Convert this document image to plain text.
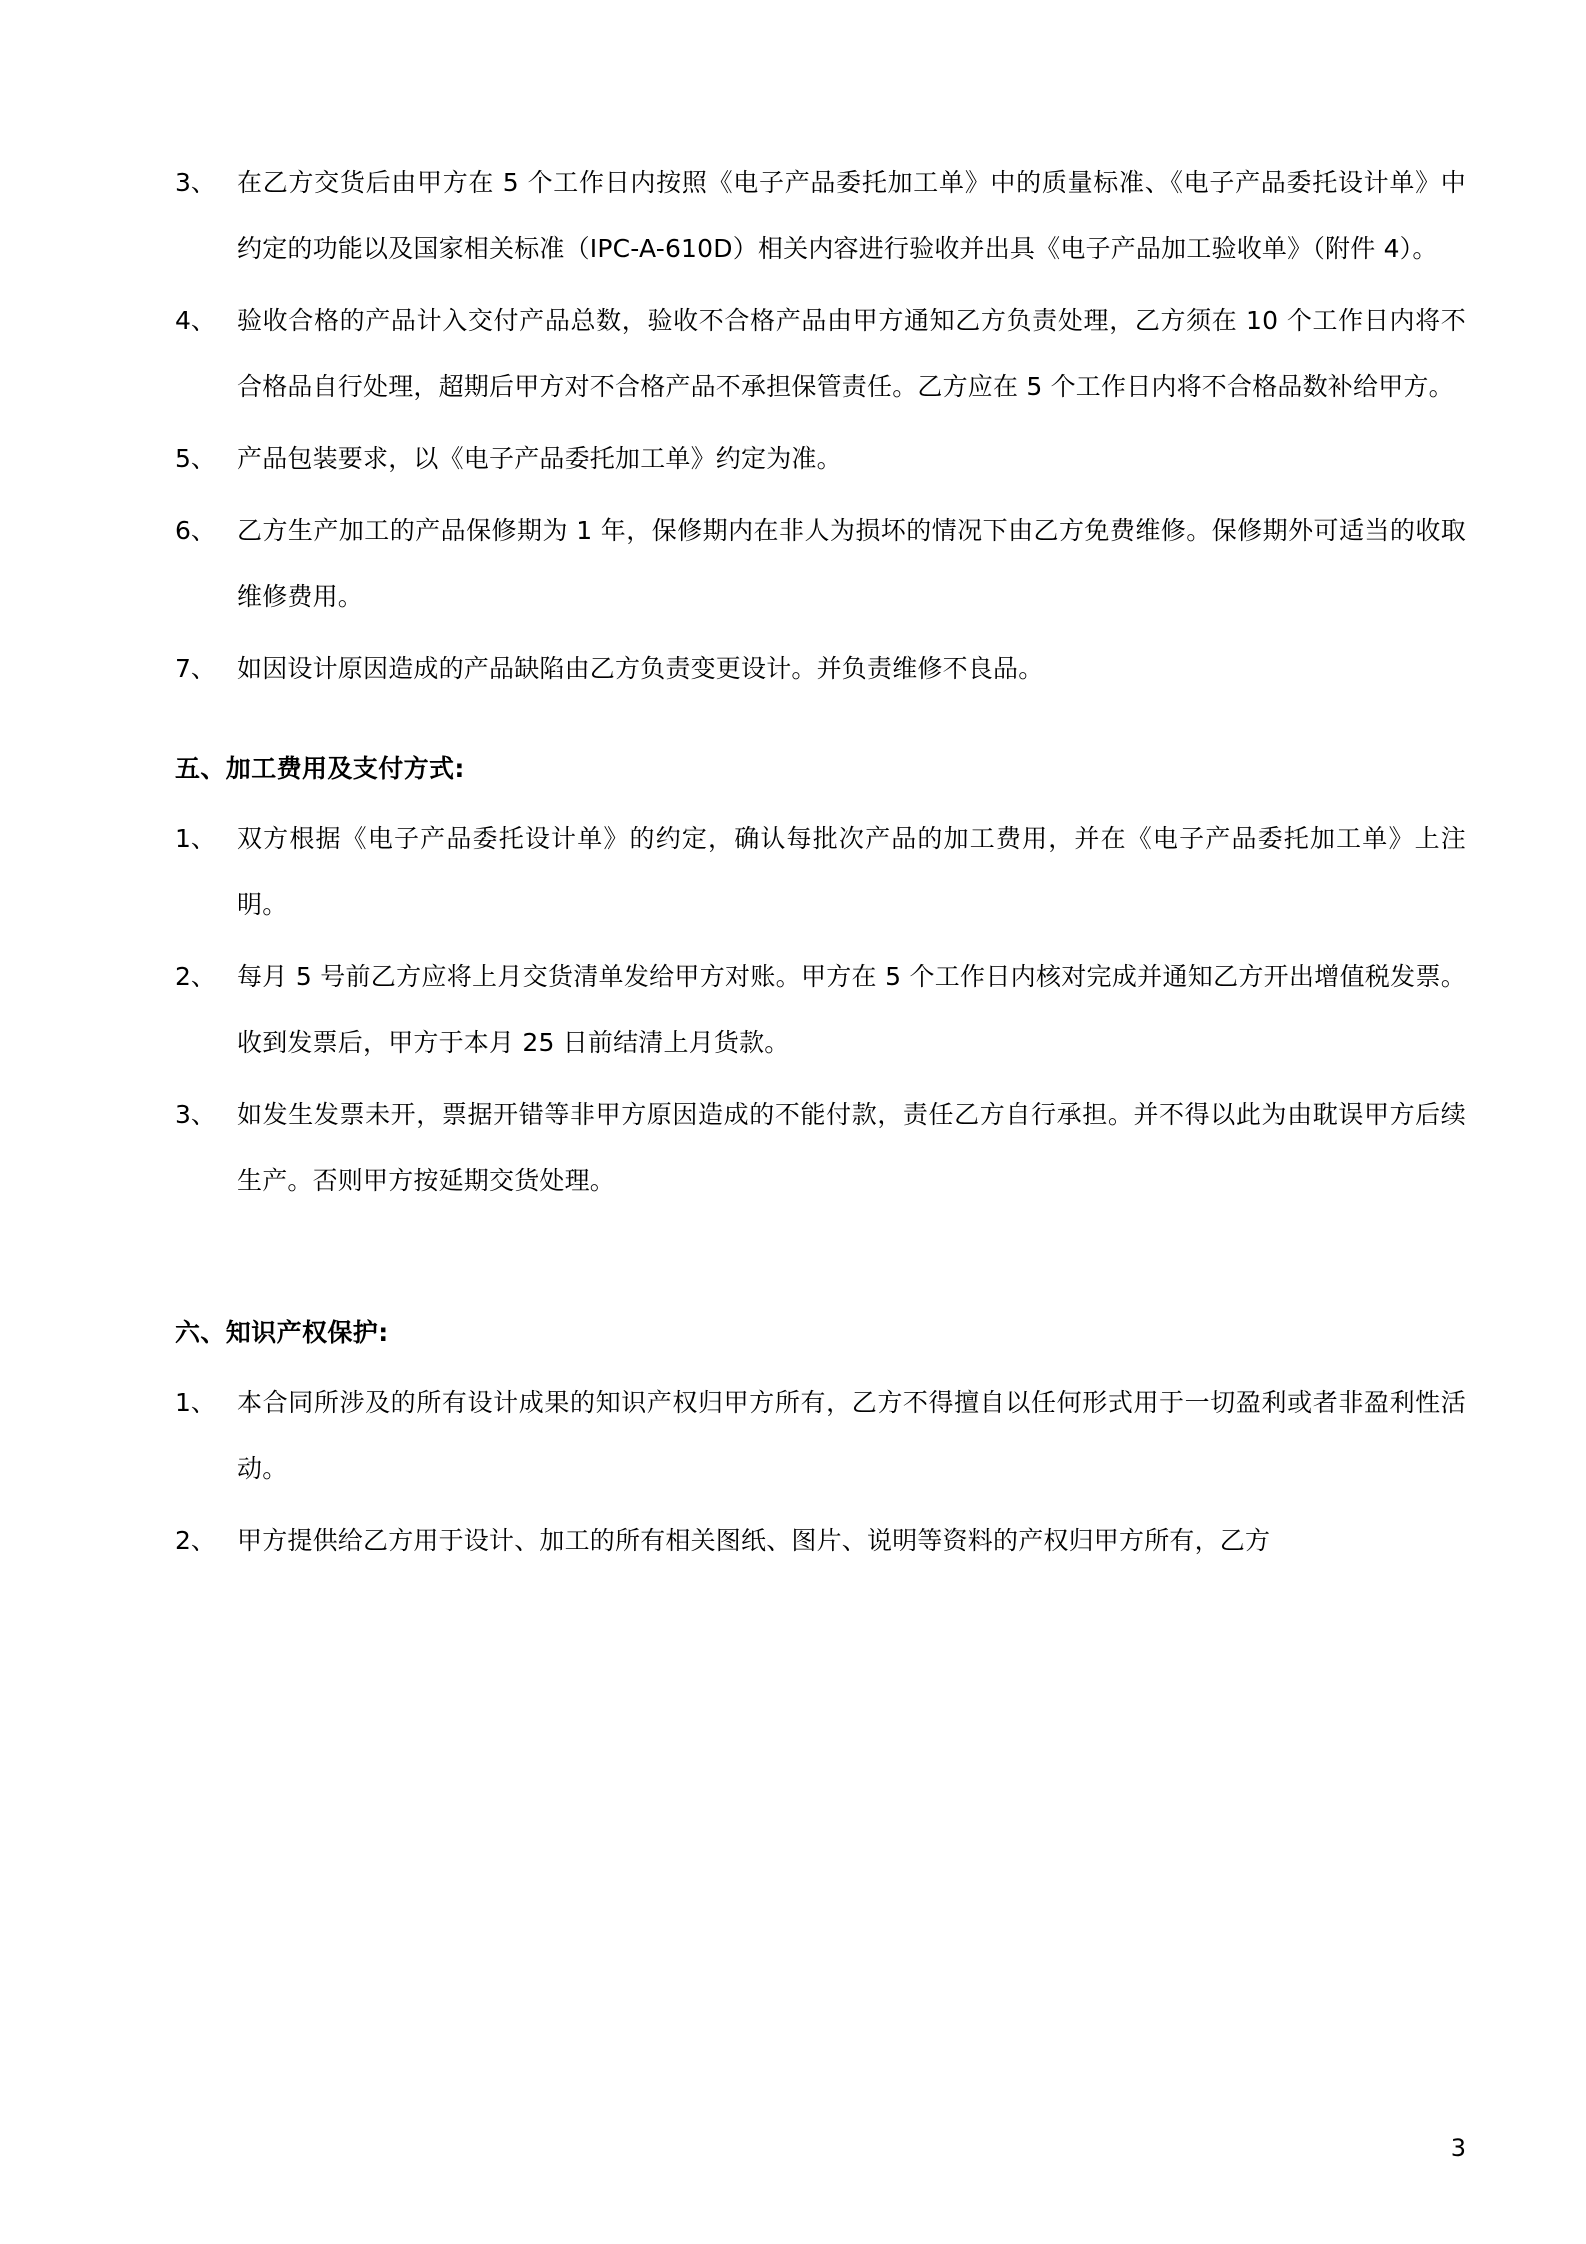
3、 在乙方交货后由甲方在 5 个工作日内按照《电子产品委托加工单》中的质量标准、《电子产品委托设计单》中约定的功能以及国家相关标准（IPC-A-610D）相关内容进行验收并出具《电子产品加工验收单》（附件 4）。
4、 验收合格的产品计入交付产品总数，验收不合格产品由甲方通知乙方负责处理，乙方须在 10 个工作日内将不合格品自行处理，超期后甲方对不合格产品不承担保管责任。乙方应在 5 个工作日内将不合格品数补给甲方。
5、 产品包装要求，以《电子产品委托加工单》约定为准。
6、 乙方生产加工的产品保修期为 1 年，保修期内在非人为损坏的情况下由乙方免费维修。保修期外可适当的收取维修费用。
7、 如因设计原因造成的产品缺陷由乙方负责变更设计。并负责维修不良品。
五、加工费用及支付方式:
1、 双方根据《电子产品委托设计单》的约定，确认每批次产品的加工费用，并在《电子产品委托加工单》上注明。
2、 每月 5 号前乙方应将上月交货清单发给甲方对账。甲方在 5 个工作日内核对完成并通知乙方开出增值税发票。收到发票后，甲方于本月 25 日前结清上月货款。
3、 如发生发票未开，票据开错等非甲方原因造成的不能付款，责任乙方自行承担。并不得以此为由耽误甲方后续生产。否则甲方按延期交货处理。
六、知识产权保护:
1、 本合同所涉及的所有设计成果的知识产权归甲方所有，乙方不得擅自以任何形式用于一切盈利或者非盈利性活动。
2、 甲方提供给乙方用于设计、加工的所有相关图纸、图片、说明等资料的产权归甲方所有，乙方
3
